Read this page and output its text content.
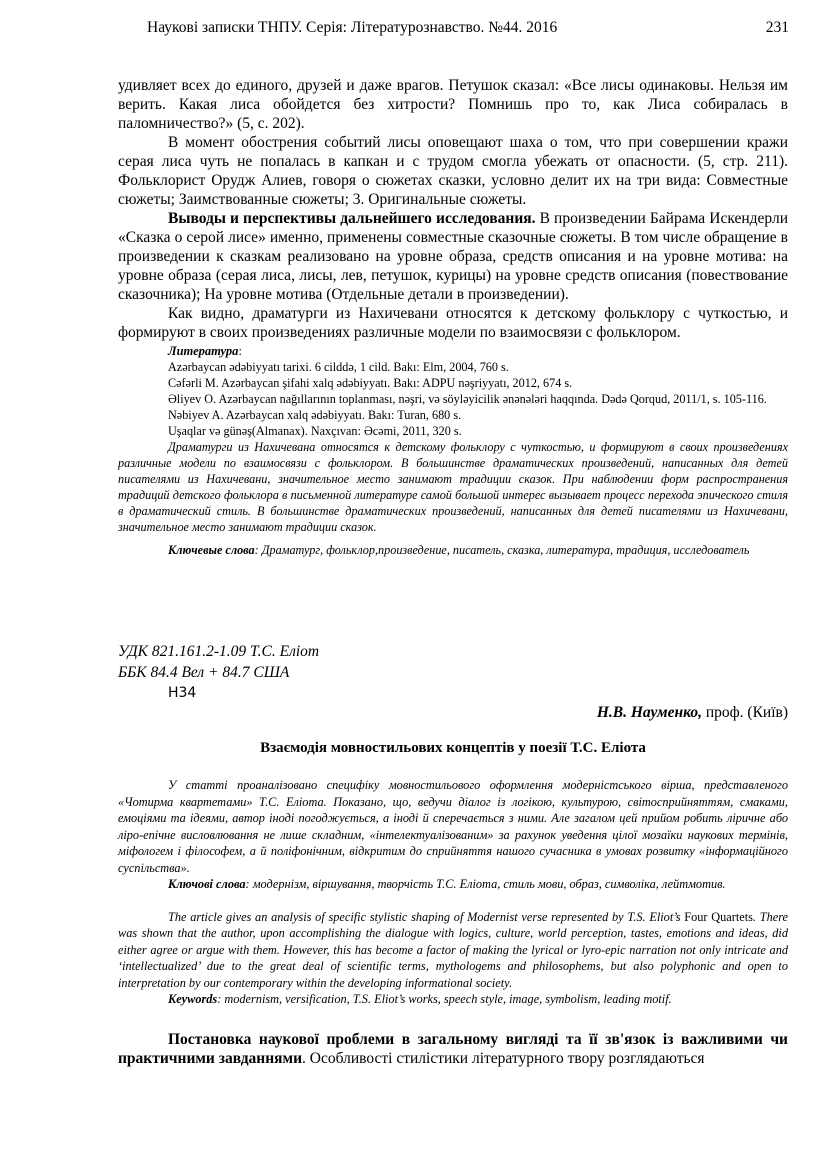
Наукові записки ТНПУ. Серія: Літературознавство. №44. 2016	231

удивляет всех до единого, друзей и даже врагов. Петушок сказал: «Все лисы одинаковы. Нельзя им верить. Какая лиса обойдется без хитрости? Помнишь про то, как Лиса собиралась в паломничество?» (5, с. 202).

В момент обострения событий лисы оповещают шаха о том, что при совершении кражи серая лиса чуть не попалась в капкан и с трудом смогла убежать от опасности. (5, стр. 211). Фольклорист Орудж Алиев, говоря о сюжетах сказки, условно делит их на три вида: Совместные сюжеты; Заимствованные сюжеты; 3. Оригинальные сюжеты.

Выводы и перспективы дальнейшего исследования. В произведении Байрама Искендерли «Сказка о серой лисе» именно, применены совместные сказочные сюжеты. В том числе обращение в произведении к сказкам реализовано на уровне образа, средств описания и на уровне мотива: на уровне образа (серая лиса, лисы, лев, петушок, курицы) на уровне средств описания (повествование сказочника); На уровне мотива (Отдельные детали в произведении).

Как видно, драматурги из Нахичевани относятся к детскому фольклору с чуткостью, и формируют в своих произведениях различные модели по взаимосвязи с фольклором.

Литература:

Azərbaycan ədəbiyyatı tarixi. 6 cilddə, 1 cild. Bakı: Elm, 2004, 760 s.

Cəfərli M. Azərbaycan şifahi xalq ədəbiyyatı. Bakı: ADPU nəşriyyatı, 2012, 674 s.

Əliyev O. Azərbaycan nağıllarının toplanması, nəşri, və söyləyicilik ənənələri haqqında. Dədə Qorqud, 2011/1, s. 105-116.

Nəbiyev A. Azərbaycan xalq ədəbiyyatı. Bakı: Turan, 680 s.

Uşaqlar və günəş(Almanax). Naxçıvan: Əcəmi, 2011, 320 s.

Драматурги из Нахичевана относятся к детскому фольклору с чуткостью, и формируют в своих произведениях различные модели по взаимосвязи с фольклором. В большинстве драматических произведений, написанных для детей писателями из Нахичевани, значительное место занимают традиции сказок. При наблюдении форм распространения традиций детского фольклора в письменной литературе самой большой интерес вызывает процесс перехода эпического стиля в драматический стиль. В большинстве драматических произведений, написанных для детей писателями из Нахичевани, значительное место занимают традиции сказок.

Ключевые слова: Драматург, фольклор,произведение, писатель, сказка, литература, традиция, исследователь

УДК 821.161.2-1.09 Т.С. Еліот

ББК 84.4 Вел + 84.7 США

Н34

Н.В. Науменко, проф. (Київ)

Взаємодія мовностильових концептів у поезії Т.С. Еліота

У статті проаналізовано специфіку мовностильового оформлення модерністського вірша, представленого «Чотирма квартетами» Т.С. Еліота. Показано, що, ведучи діалог із логікою, культурою, світосприйняттям, смаками, емоціями та ідеями, автор іноді погоджується, а іноді й сперечається з ними. Але загалом цей прийом робить ліричне або ліро-епічне висловлювання не лише складним, «інтелектуалізованим» за рахунок уведення цілої мозаїки наукових термінів, міфологем і філософем, а й поліфонічним, відкритим до сприйняття нашого сучасника в умовах розвитку «інформаційного суспільства».

Ключові слова: модернізм, віршування, творчість Т.С. Еліота, стиль мови, образ, символіка, лейтмотив.

The article gives an analysis of specific stylistic shaping of Modernist verse represented by T.S. Eliot’s Four Quartets. There was shown that the author, upon accomplishing the dialogue with logics, culture, world perception, tastes, emotions and ideas, did either agree or argue with them. However, this has become a factor of making the lyrical or lyro-epic narration not only intricate and ‘intellectualized’ due to the great deal of scientific terms, mythologems and philosophems, but also polyphonic and open to interpretation by our contemporary within the developing informational society.

Keywords: modernism, versification, T.S. Eliot’s works, speech style, image, symbolism, leading motif.

Постановка наукової проблеми в загальному вигляді та її зв'язок із важливими чи практичними завданнями. Особливості стилістики літературного твору розглядаються
